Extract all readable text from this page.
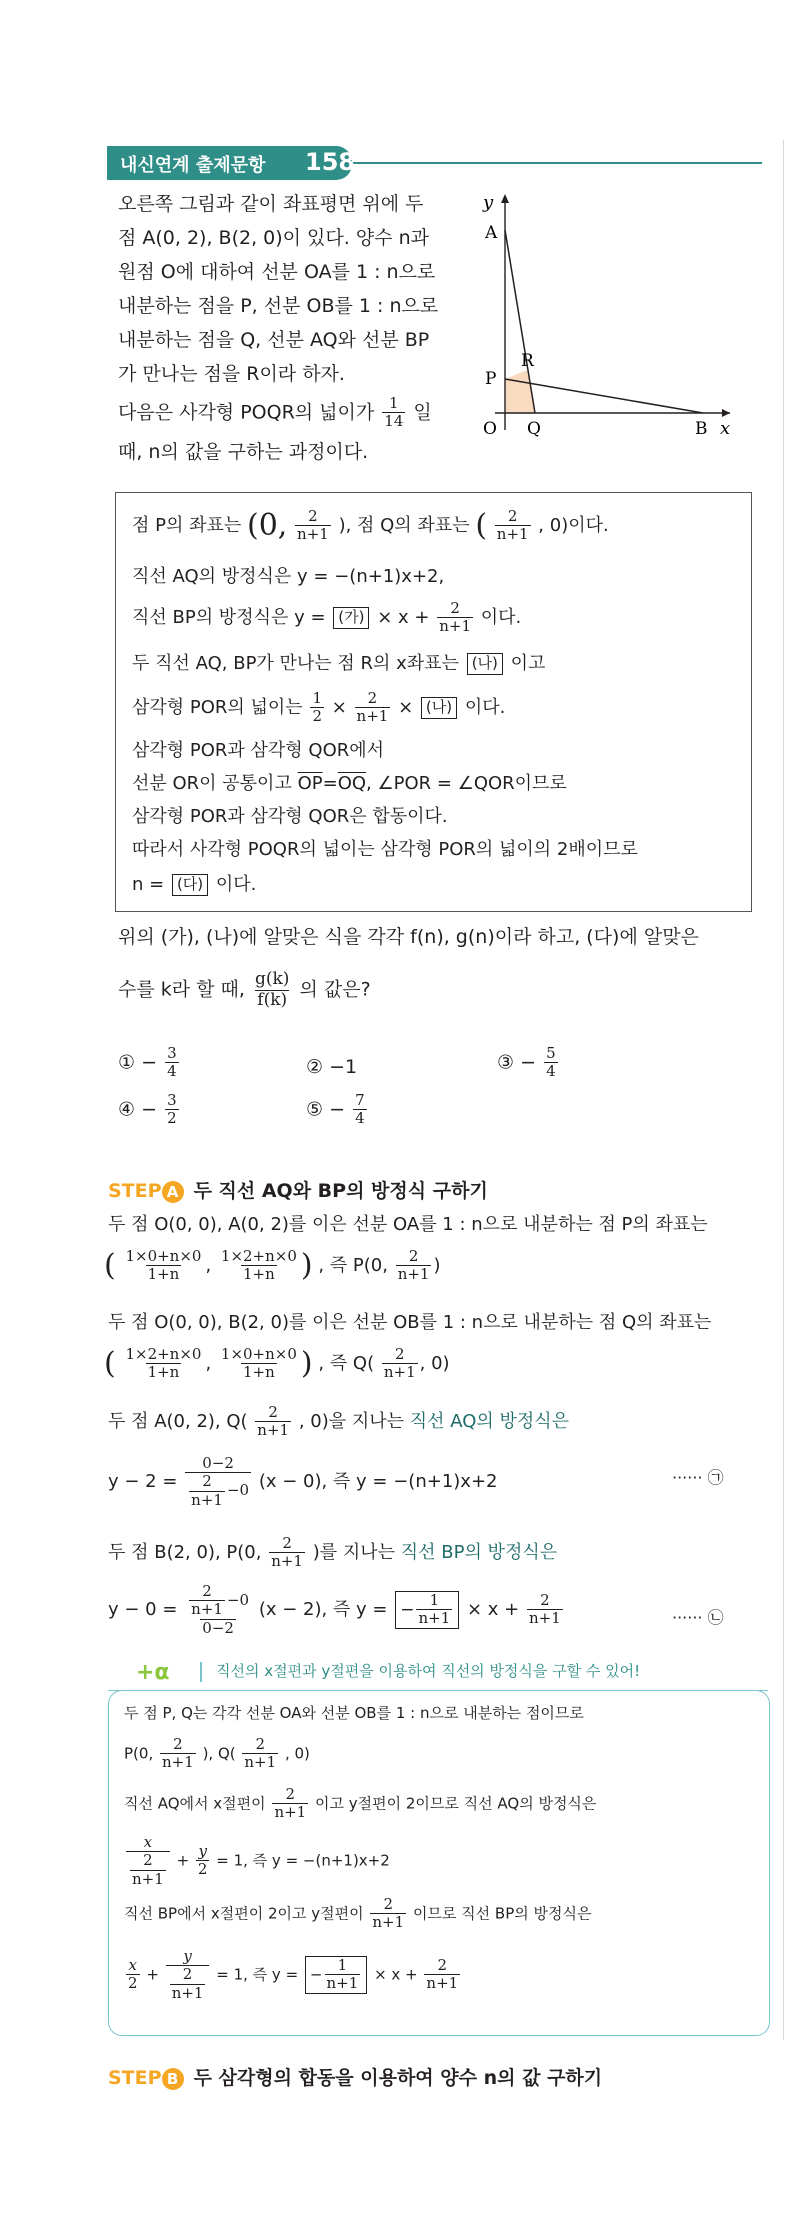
내신연계 출제문항 158
오른쪽 그림과 같이 좌표평면 위에 두
점 A(0, 2), B(2, 0)이 있다. 양수 n과
원점 O에 대하여 선분 OA를 1 : n으로
내분하는 점을 P, 선분 OB를 1 : n으로
내분하는 점을 Q, 선분 AQ와 선분 BP
가 만나는 점을 R이라 하자.
다음은 사각형 POQR의 넓이가 $\frac{1}{14}$ 일
때, n의 값을 구하는 과정이다.
y
A
P
R
O Q	B x
점 P의 좌표는 (0, $\frac{2}{n+1}$ ), 점 Q의 좌표는 ( $\frac{2}{n+1}$ , 0)이다.
직선 AQ의 방정식은 y = −(n+1)x+2,
직선 BP의 방정식은 y = (가) × $x + \frac{2}{n+1}$ 이다.
두 직선 AQ, BP가 만나는 점 R의 x좌표는 (나) 이고
삼각형 POR의 넓이는 $\frac{1}{2} \times \frac{2}{n+1}$ × (나) 이다.
삼각형 POR과 삼각형 QOR에서
선분 OR이 공통이고 $\overline{OP}=\overline{OQ}$, ∠POR = ∠QOR이므로
삼각형 POR과 삼각형 QOR은 합동이다.
따라서 사각형 POQR의 넓이는 삼각형 POR의 넓이의 2배이므로
n = (다) 이다.
위의 (가), (나)에 알맞은 식을 각각 f(n), g(n)이라 하고, (다)에 알맞은
수를 k라 할 때, $\frac{g(k)}{f(k)}$ 의 값은?
① − $\frac{3}{4}$	② −1	③ − $\frac{5}{4}$
④ − $\frac{3}{2}$	⑤ − $\frac{7}{4}$
STEP A 두 직선 AQ와 BP의 방정식 구하기
두 점 O(0, 0), A(0, 2)를 이은 선분 OA를 1 : n으로 내분하는 점 P의 좌표는
( $\frac{1\times 0+n\times 0}{1+n}$ , $\frac{1\times 2+n\times 0}{1+n}$ ) , 즉 P(0, $\frac{2}{n+1}$ )
두 점 O(0, 0), B(2, 0)를 이은 선분 OB를 1 : n으로 내분하는 점 Q의 좌표는
( $\frac{1\times 2+n\times 0}{1+n}$ , $\frac{1\times 0+n\times 0}{1+n}$ ) , 즉 $Q( \frac{2}{n+1}$ , 0)
두 점 A(0, 2), $Q( \frac{2}{n+1}$ , 0)을 지나는 직선 AQ의 방정식은
$y - 2 = \frac{0-2}{\frac{2}{n+1} -0} (x - 0)$, 즉 y = −(n+1)x+2	······ ㉠
두 점 B(2, 0), P(0, $\frac{2}{n+1}$ )를 지나는 직선 BP의 방정식은
$y - 0 = \frac{\frac{2}{n+1} -0}{0-2} (x - 2)$, 즉 y = − $\frac{1}{n+1} \times x + \frac{2}{n+1}$	······ ㉡
+α	직선의 x절편과 y절편을 이용하여 직선의 방정식을 구할 수 있어!
두 점 P, Q는 각각 선분 OA와 선분 OB를 1 : n으로 내분하는 점이므로
P(0, $\frac{2}{n+1}$ ), $Q( \frac{2}{n+1}$ , 0)
직선 AQ에서 x절편이 $\frac{2}{n+1}$ 이고 y절편이 2이므로 직선 AQ의 방정식은
$\frac{x}{\frac{2}{n+1}} + \frac{y}{2} = 1$, 즉 y = −(n+1)x+2
직선 BP에서 x절편이 2이고 y절편이 $\frac{2}{n+1}$ 이므로 직선 BP의 방정식은
$\frac{x}{2} + \frac{y}{\frac{2}{n+1}} = 1$, 즉 y = − $\frac{1}{n+1} \times x + \frac{2}{n+1}$
STEP B 두 삼각형의 합동을 이용하여 양수 n의 값 구하기
